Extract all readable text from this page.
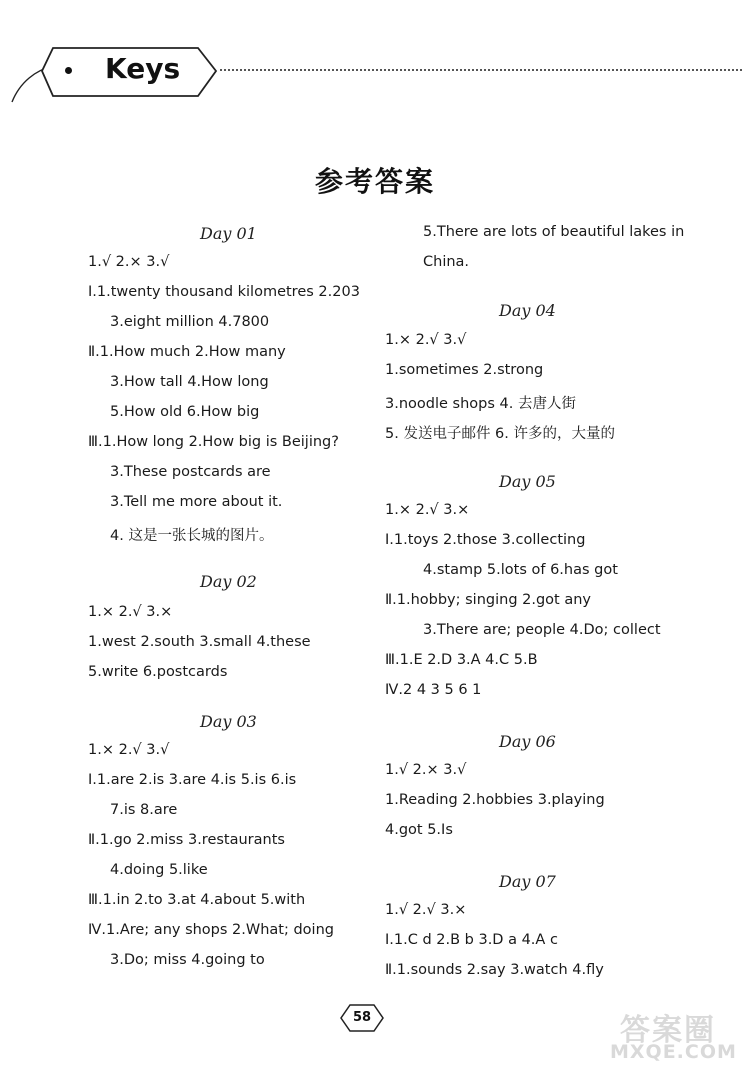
Keys
参考答案
Day 01
1.√ 2.× 3.√
Ⅰ.1.twenty thousand kilometres 2.203
3.eight million 4.7800
Ⅱ.1.How much 2.How many
3.How tall 4.How long
5.How old 6.How big
Ⅲ.1.How long 2.How big is Beijing?
3.These postcards are
3.Tell me more about it.
4. 这是一张长城的图片。
Day 02
1.× 2.√ 3.×
1.west 2.south 3.small 4.these
5.write 6.postcards
Day 03
1.× 2.√ 3.√
Ⅰ.1.are 2.is 3.are 4.is 5.is 6.is
7.is 8.are
Ⅱ.1.go 2.miss 3.restaurants
4.doing 5.like
Ⅲ.1.in 2.to 3.at 4.about 5.with
Ⅳ.1.Are; any shops 2.What; doing
3.Do; miss 4.going to
5.There are lots of beautiful lakes in
China.
Day 04
1.× 2.√ 3.√
1.sometimes 2.strong
3.noodle shops 4. 去唐人街
5. 发送电子邮件 6. 许多的，大量的
Day 05
1.× 2.√ 3.×
Ⅰ.1.toys 2.those 3.collecting
4.stamp 5.lots of 6.has got
Ⅱ.1.hobby; singing 2.got any
3.There are; people 4.Do; collect
Ⅲ.1.E 2.D 3.A 4.C 5.B
Ⅳ.2 4 3 5 6 1
Day 06
1.√ 2.× 3.√
1.Reading 2.hobbies 3.playing
4.got 5.Is
Day 07
1.√ 2.√ 3.×
Ⅰ.1.C d 2.B b 3.D a 4.A c
Ⅱ.1.sounds 2.say 3.watch 4.fly
58	答案圈
MXQE.COM
